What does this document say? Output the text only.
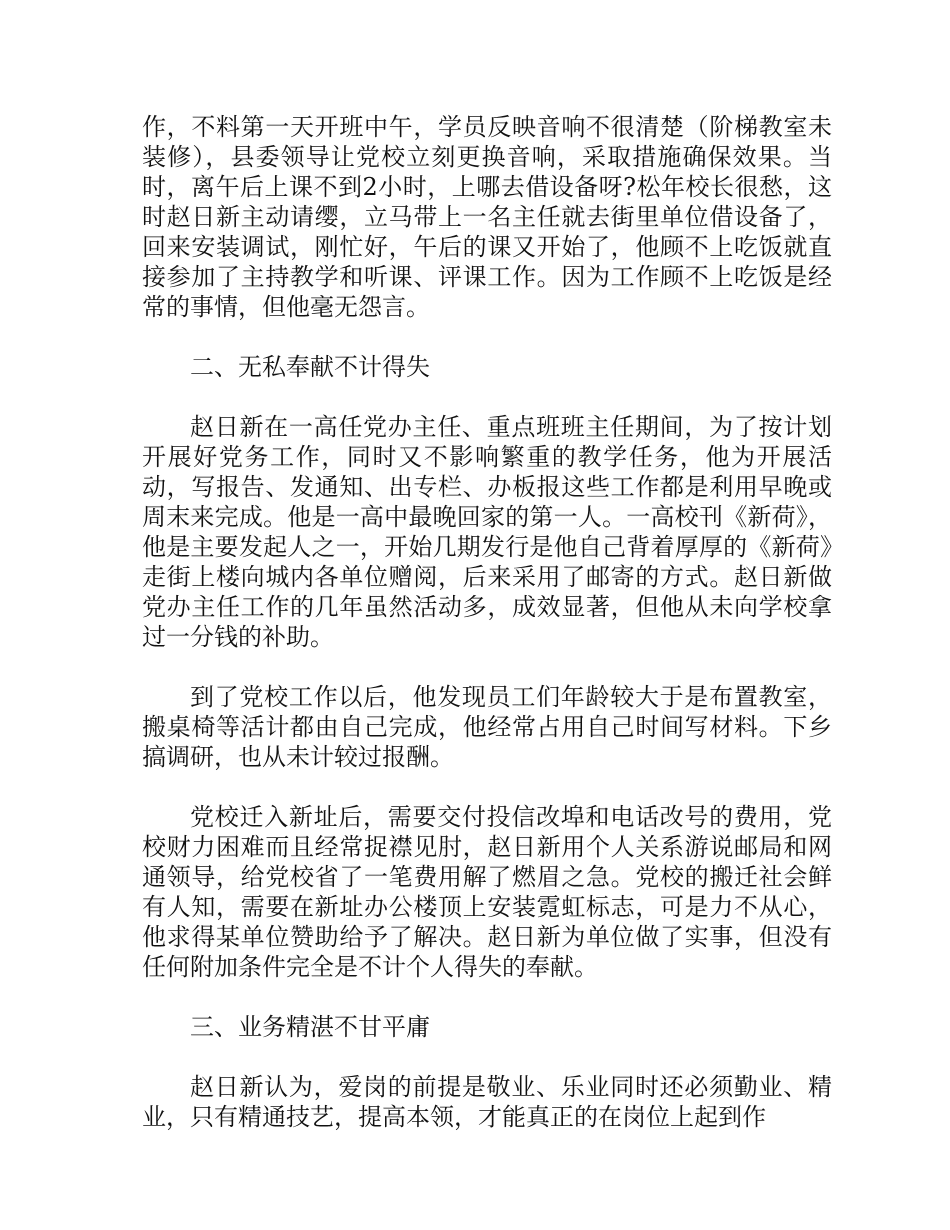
作，不料第一天开班中午，学员反映音响不很清楚（阶梯教室未装修），县委领导让党校立刻更换音响，采取措施确保效果。当时，离午后上课不到2小时，上哪去借设备呀?松年校长很愁，这时赵日新主动请缨，立马带上一名主任就去街里单位借设备了，回来安装调试，刚忙好，午后的课又开始了，他顾不上吃饭就直接参加了主持教学和听课、评课工作。因为工作顾不上吃饭是经常的事情，但他毫无怨言。

二、无私奉献不计得失

赵日新在一高任党办主任、重点班班主任期间，为了按计划开展好党务工作，同时又不影响繁重的教学任务，他为开展活动，写报告、发通知、出专栏、办板报这些工作都是利用早晚或周末来完成。他是一高中最晚回家的第一人。一高校刊《新荷》，他是主要发起人之一，开始几期发行是他自己背着厚厚的《新荷》走街上楼向城内各单位赠阅，后来采用了邮寄的方式。赵日新做党办主任工作的几年虽然活动多，成效显著，但他从未向学校拿过一分钱的补助。

到了党校工作以后，他发现员工们年龄较大于是布置教室，搬桌椅等活计都由自己完成，他经常占用自己时间写材料。下乡搞调研，也从未计较过报酬。

党校迁入新址后，需要交付投信改埠和电话改号的费用，党校财力困难而且经常捉襟见肘，赵日新用个人关系游说邮局和网通领导，给党校省了一笔费用解了燃眉之急。党校的搬迁社会鲜有人知，需要在新址办公楼顶上安装霓虹标志，可是力不从心，他求得某单位赞助给予了解决。赵日新为单位做了实事，但没有任何附加条件完全是不计个人得失的奉献。

三、业务精湛不甘平庸

赵日新认为，爱岗的前提是敬业、乐业同时还必须勤业、精业，只有精通技艺，提高本领，才能真正的在岗位上起到作
